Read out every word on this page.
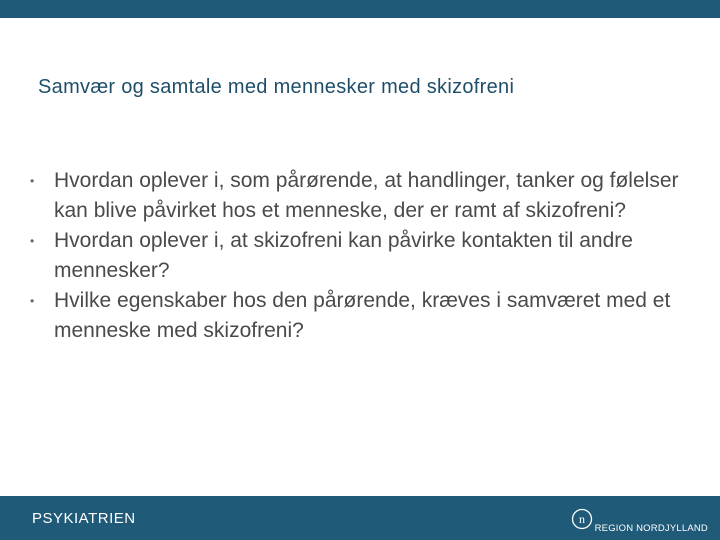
Samvær og samtale med mennesker med skizofreni
• Hvordan oplever i, som pårørende, at handlinger, tanker og følelser kan blive påvirket hos et menneske, der er ramt af skizofreni?
• Hvordan oplever i, at skizofreni kan påvirke kontakten til andre mennesker?
• Hvilke egenskaber hos den pårørende, kræves i samværet med et menneske med skizofreni?
PSYKIATRIEN	n
REGION NORDJYLLAND
